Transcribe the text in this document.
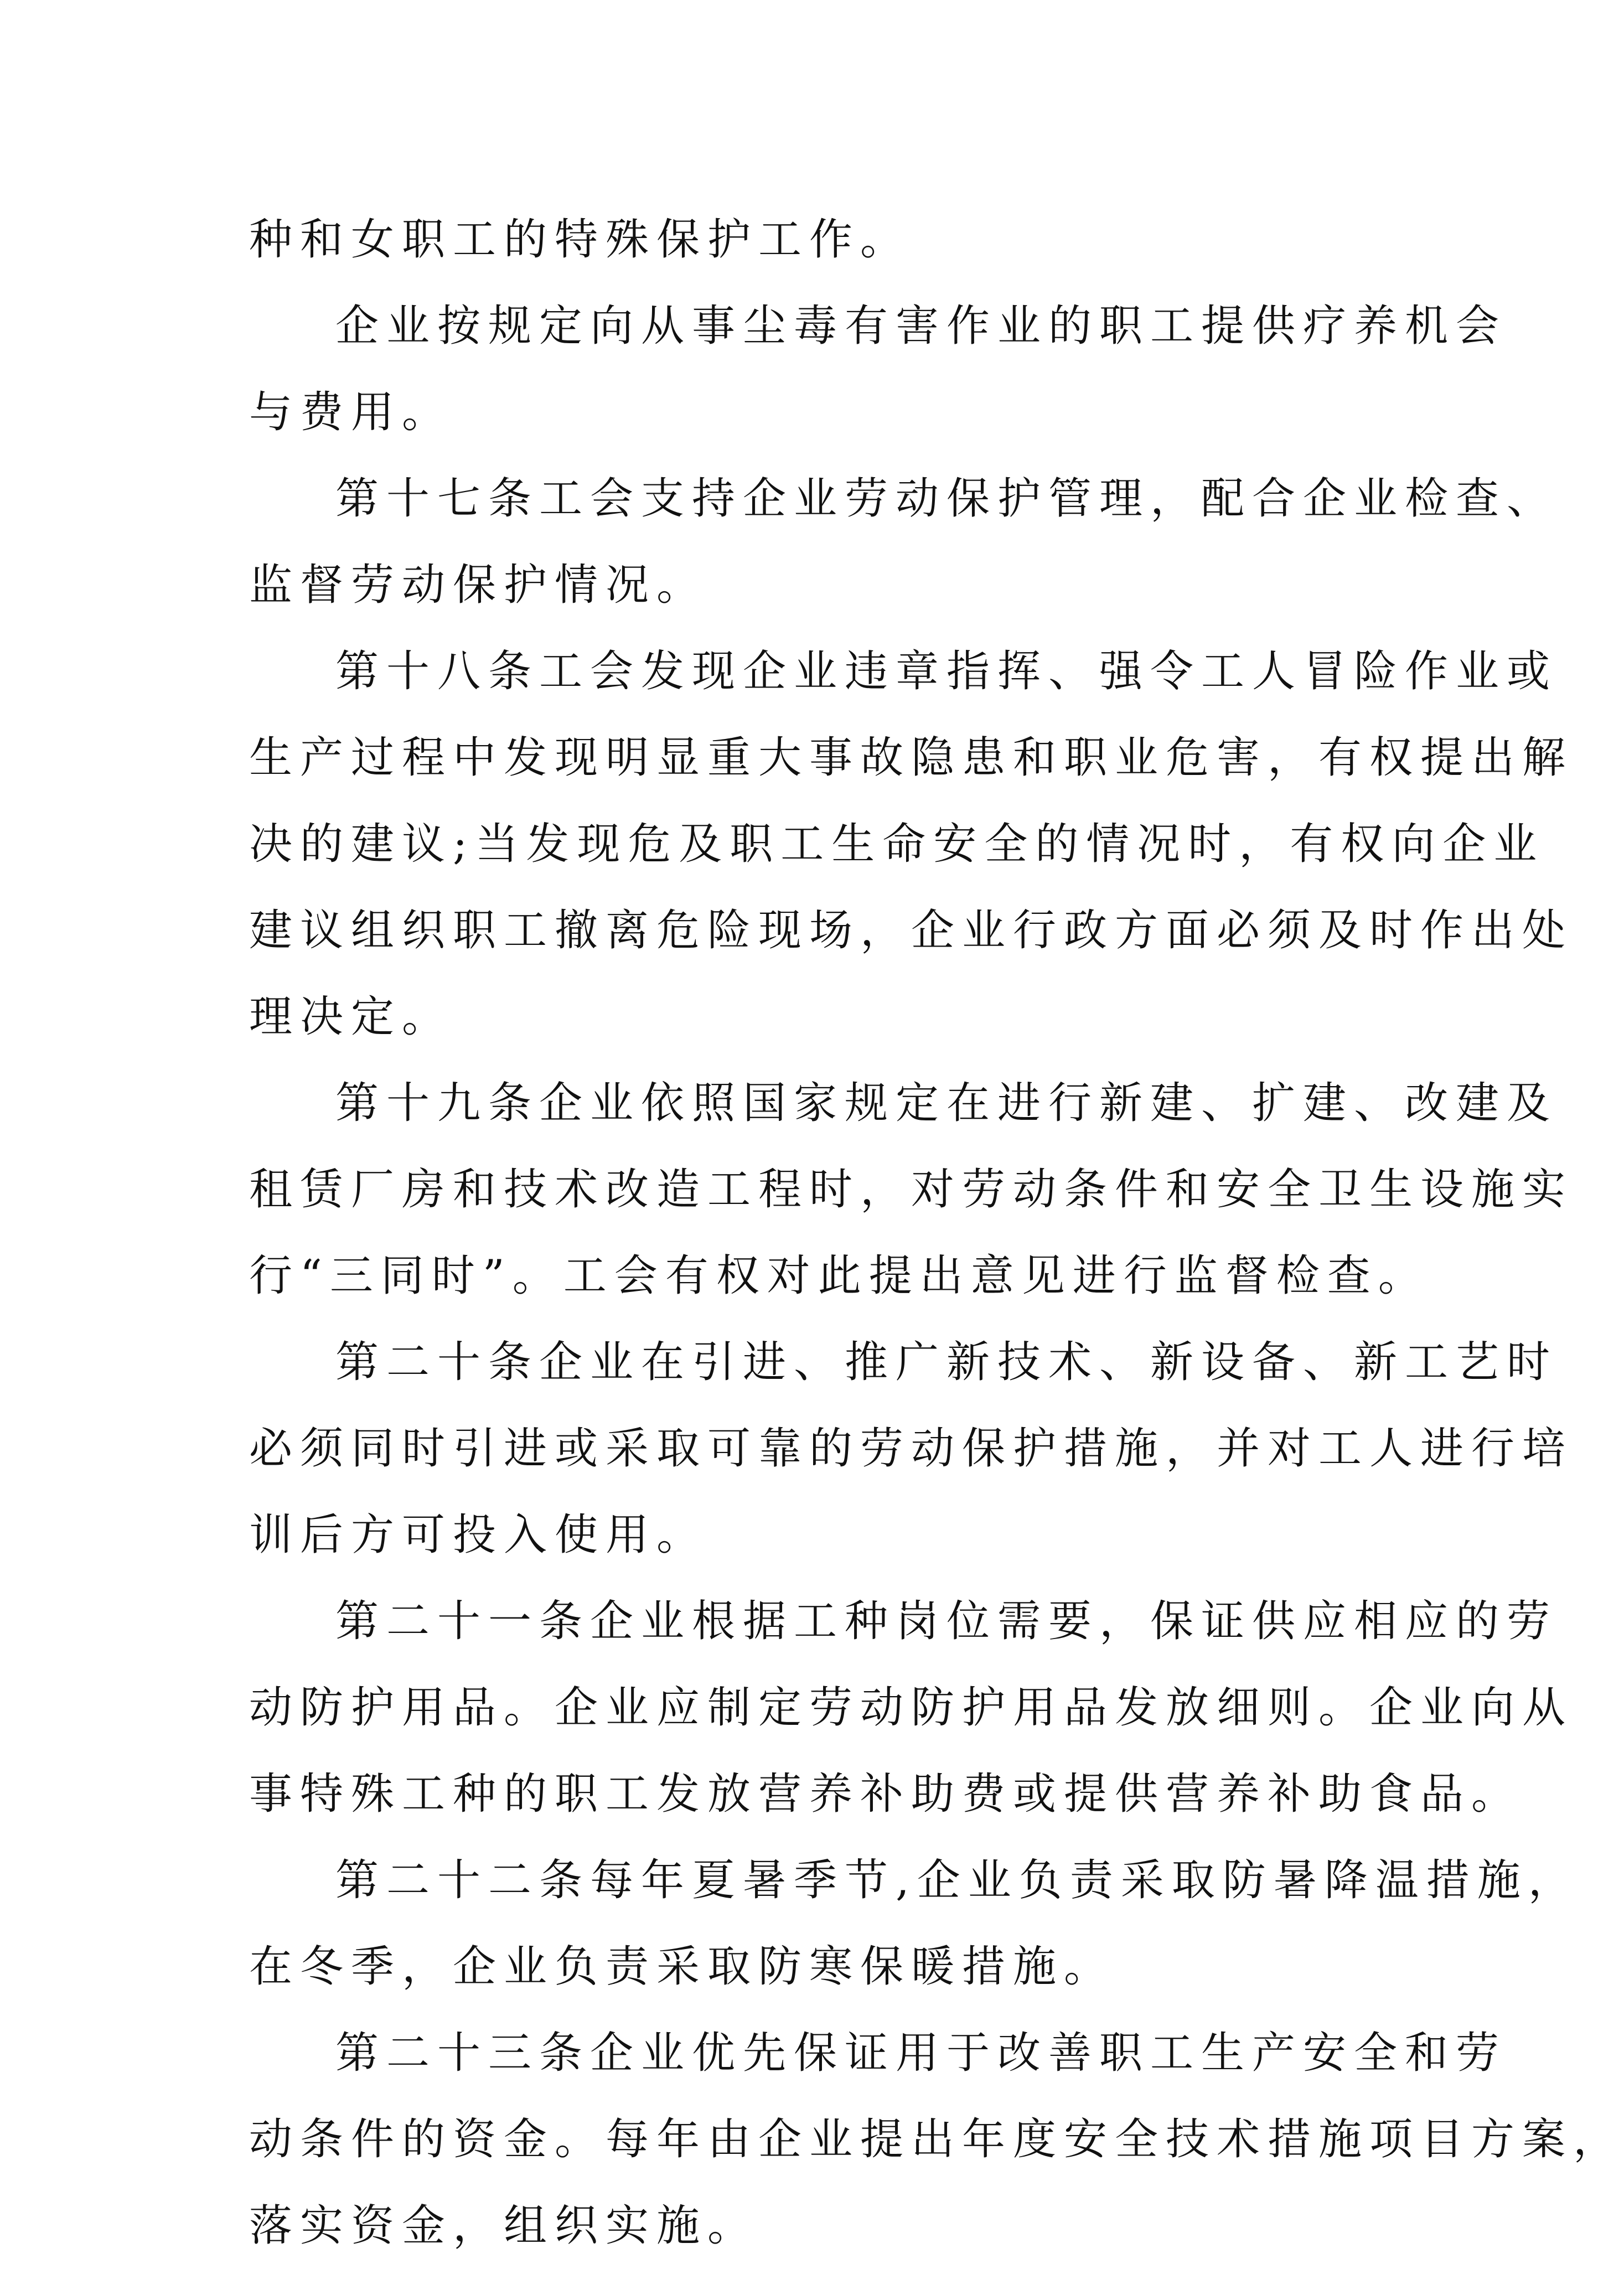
种和女职工的特殊保护工作。
企业按规定向从事尘毒有害作业的职工提供疗养机会
与费用。
第十七条工会支持企业劳动保护管理，配合企业检查、
监督劳动保护情况。
第十八条工会发现企业违章指挥、强令工人冒险作业或
生产过程中发现明显重大事故隐患和职业危害，有权提出解
决的建议;当发现危及职工生命安全的情况时，有权向企业
建议组织职工撤离危险现场，企业行政方面必须及时作出处
理决定。
第十九条企业依照国家规定在进行新建、扩建、改建及
租赁厂房和技术改造工程时，对劳动条件和安全卫生设施实
行“三同时”。工会有权对此提出意见进行监督检查。
第二十条企业在引进、推广新技术、新设备、新工艺时
必须同时引进或采取可靠的劳动保护措施，并对工人进行培
训后方可投入使用。
第二十一条企业根据工种岗位需要，保证供应相应的劳
动防护用品。企业应制定劳动防护用品发放细则。企业向从
事特殊工种的职工发放营养补助费或提供营养补助食品。
第二十二条每年夏暑季节,企业负责采取防暑降温措施，
在冬季，企业负责采取防寒保暖措施。
第二十三条企业优先保证用于改善职工生产安全和劳
动条件的资金。每年由企业提出年度安全技术措施项目方案，
落实资金，组织实施。
